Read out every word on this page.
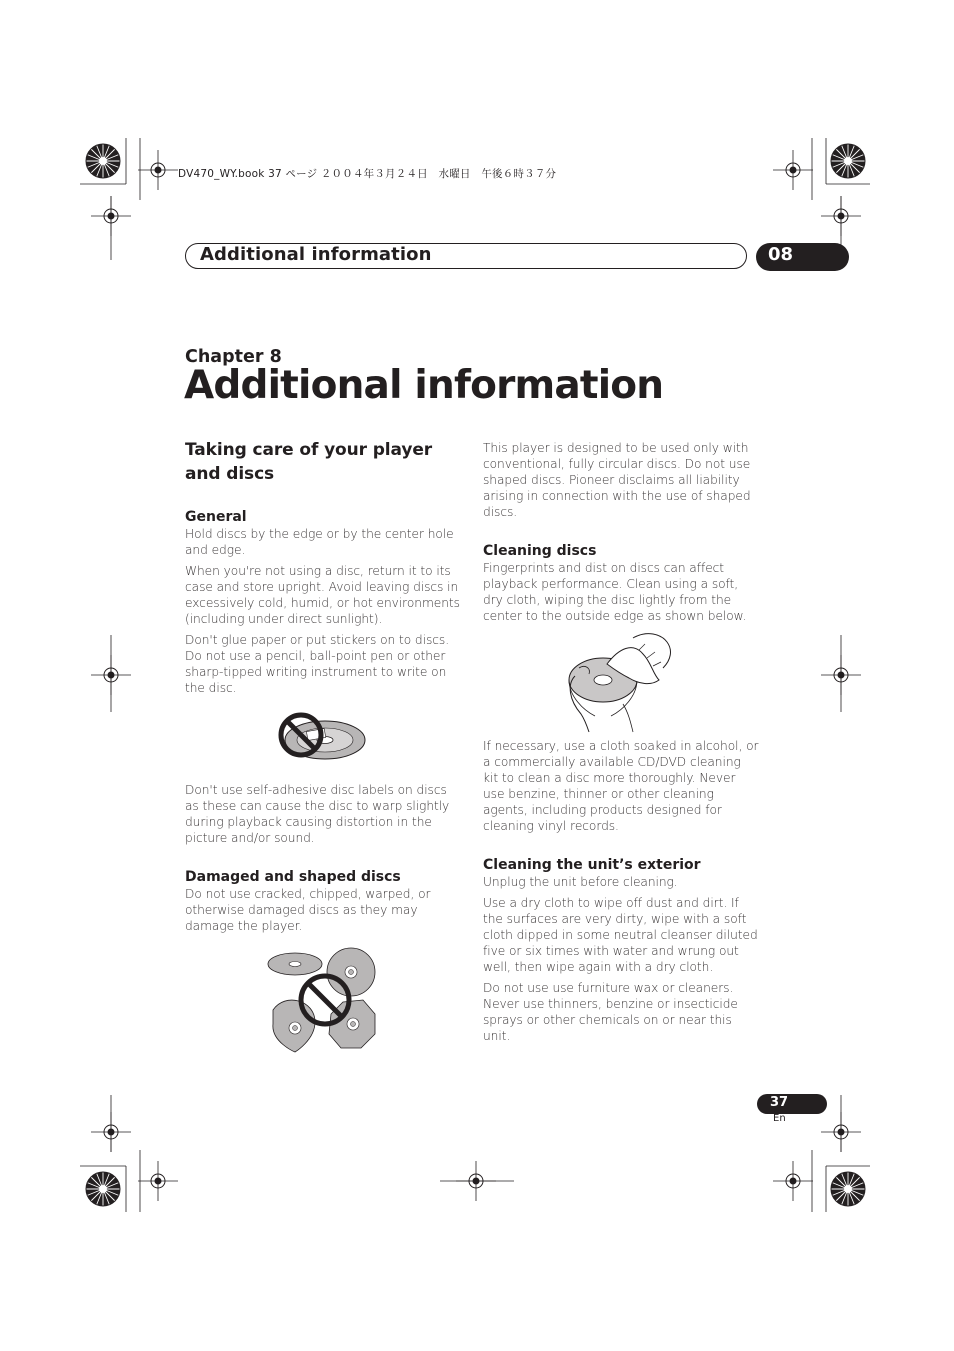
DV470_WY.book 37 ページ ２００４年３月２４日　水曜日　午後６時３７分
Additional information	08
Chapter 8
Additional information
Taking care of your player and discs
General

Hold discs by the edge or by the center hole and edge.

When you're not using a disc, return it to its case and store upright. Avoid leaving discs in excessively cold, humid, or hot environments (including under direct sunlight).

Don't glue paper or put stickers on to discs. Do not use a pencil, ball-point pen or other sharp-tipped writing instrument to write on the disc.

Don't use self-adhesive disc labels on discs as these can cause the disc to warp slightly during playback causing distortion in the picture and/or sound.

Damaged and shaped discs

Do not use cracked, chipped, warped, or otherwise damaged discs as they may damage the player.

This player is designed to be used only with conventional, fully circular discs. Do not use shaped discs. Pioneer disclaims all liability arising in connection with the use of shaped discs.

Cleaning discs

Fingerprints and dist on discs can affect playback performance. Clean using a soft, dry cloth, wiping the disc lightly from the center to the outside edge as shown below.

If necessary, use a cloth soaked in alcohol, or a commercially available CD/DVD cleaning kit to clean a disc more thoroughly. Never use benzine, thinner or other cleaning agents, including products designed for cleaning vinyl records.

Cleaning the unit’s exterior

Unplug the unit before cleaning.

Use a dry cloth to wipe off dust and dirt. If the surfaces are very dirty, wipe with a soft cloth dipped in some neutral cleanser diluted five or six times with water and wrung out well, then wipe again with a dry cloth.

Do not use use furniture wax or cleaners. Never use thinners, benzine or insecticide sprays or other chemicals on or near this unit.

37
En
